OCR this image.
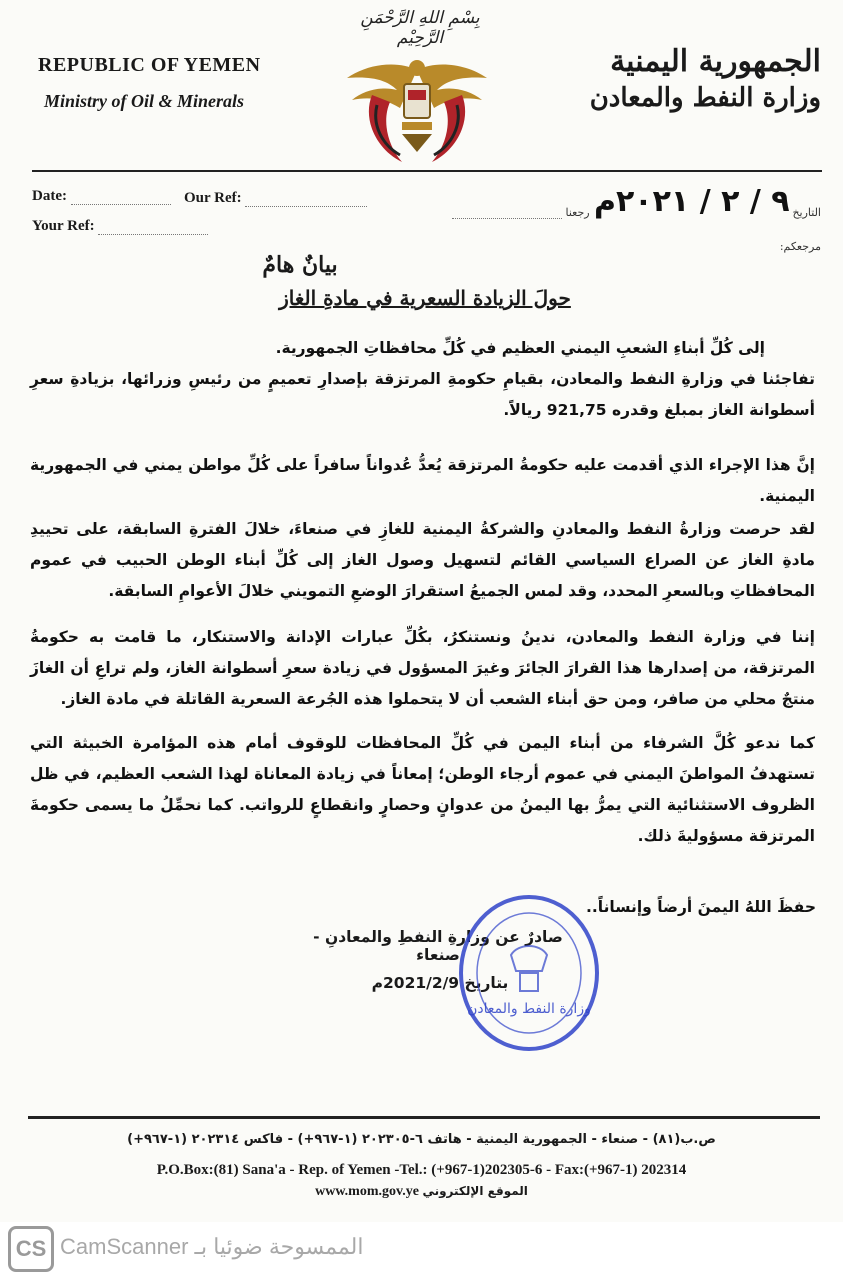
بِسْمِ اللهِ الرَّحْمَنِ الرَّحِيْم
REPUBLIC OF YEMEN
Ministry of Oil & Minerals
الجمهورية اليمنية
وزارة النفط والمعادن
Date:	Our Ref:
Your Ref:
التاريخ
رجعنا
مرجعكم:
٩ / ٢ / ٢٠٢١م
بيانٌ هامٌ
حولَ الزيادة السعرية في مادةِ الغاز
إلى كُلِّ أبناءِ الشعبِ اليمني العظيم في كُلِّ محافظاتِ الجمهورية.
تفاجئنا في وزارةِ النفط والمعادن، بقيامِ حكومةِ المرتزقة بإصدارِ تعميمٍ من رئيسِ وزرائها، بزيادةِ سعرِ أسطوانة الغاز بمبلغ وقدره 921,75 ريالاً.
إنَّ هذا الإجراء الذي أقدمت عليه حكومةُ المرتزقة يُعدُّ عُدواناً سافراً على كُلِّ مواطن يمني في الجمهورية اليمنية.
لقد حرصت وزارةُ النفط والمعادنِ والشركةُ اليمنية للغازِ في صنعاءَ، خلالَ الفترةِ السابقة، على تحييدِ مادةِ الغاز عن الصراع السياسي القائم لتسهيل وصول الغاز إلى كُلِّ أبناء الوطن الحبيب في عموم المحافظاتِ وبالسعرِ المحدد، وقد لمس الجميعُ استقرارَ الوضعِ التمويني خلالَ الأعوامِ السابقة.
إننا في وزارة النفط والمعادن، ندينُ ونستنكرُ، بكُلِّ عبارات الإدانة والاستنكار، ما قامت به حكومةُ المرتزقة، من إصدارها هذا القرارَ الجائرَ وغيرَ المسؤول في زيادة سعرِ أسطوانة الغاز، ولم تراعِ أن الغازَ منتجٌ محلي من صافر، ومن حق أبناء الشعب أن لا يتحملوا هذه الجُرعة السعرية القاتلة في مادة الغاز.
كما ندعو كُلَّ الشرفاء من أبناء اليمن في كُلِّ المحافظات للوقوف أمام هذه المؤامرة الخبيثة التي تستهدفُ المواطنَ اليمني في عموم أرجاء الوطن؛ إمعاناً في زيادة المعاناة لهذا الشعب العظيم، في ظل الظروف الاستثنائية التي يمرُّ بها اليمنُ من عدوانٍ وحصارٍ وانقطاعٍ للرواتب. كما نحمِّلُ ما يسمى حكومةَ المرتزقة مسؤوليةَ ذلك.
حفظَ اللهُ اليمنَ أرضاً وإنساناً..
صادرٌ عن وزارةِ النفطِ والمعادنِ - صنعاء
بتاريخ 2021/2/9م
وزارة النفط والمعادن
ص.ب(٨١) - صنعاء - الجمهورية اليمنية - هاتف ٦-٢٠٢٣٠٥ (١-٩٦٧+) - فاكس ٢٠٢٣١٤ (١-٩٦٧+)
P.O.Box:(81) Sana'a - Rep. of Yemen -Tel.: (+967-1)202305-6 - Fax:(+967-1) 202314
www.mom.gov.ye الموقع الإلكتروني
CS CamScanner الممسوحة ضوئيا بـ
